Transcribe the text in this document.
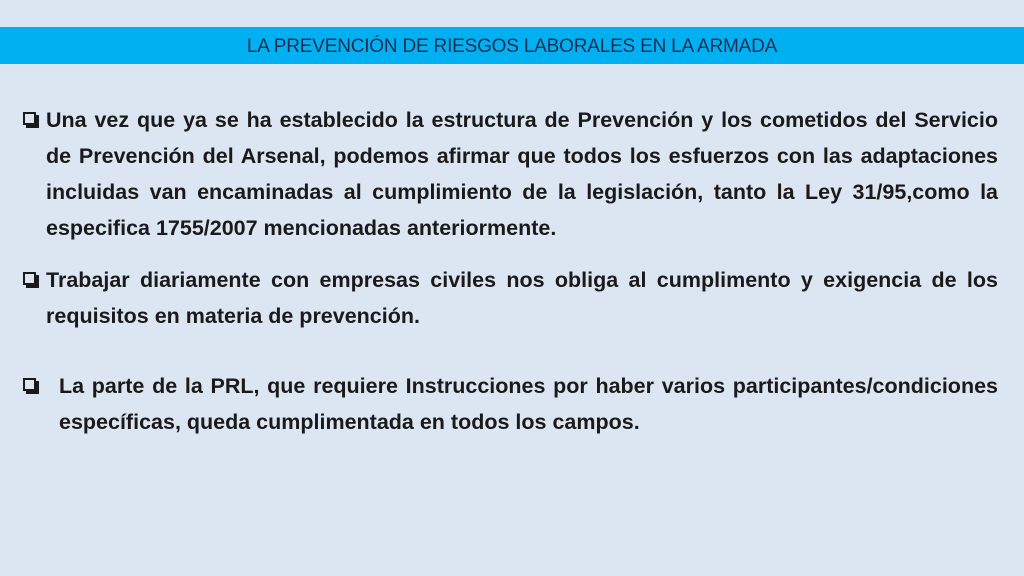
LA PREVENCIÓN DE RIESGOS LABORALES EN LA ARMADA
Una vez que ya se ha establecido la estructura de Prevención y los cometidos del Servicio de Prevención del Arsenal, podemos afirmar que todos los esfuerzos con las adaptaciones incluidas van encaminadas al cumplimiento de la legislación, tanto la Ley 31/95,como la especifica 1755/2007 mencionadas anteriormente.
Trabajar diariamente con empresas civiles nos obliga al cumplimento y exigencia de los requisitos en materia de prevención.
La parte de la PRL, que requiere Instrucciones por haber varios participantes/condiciones específicas, queda cumplimentada en todos los campos.
